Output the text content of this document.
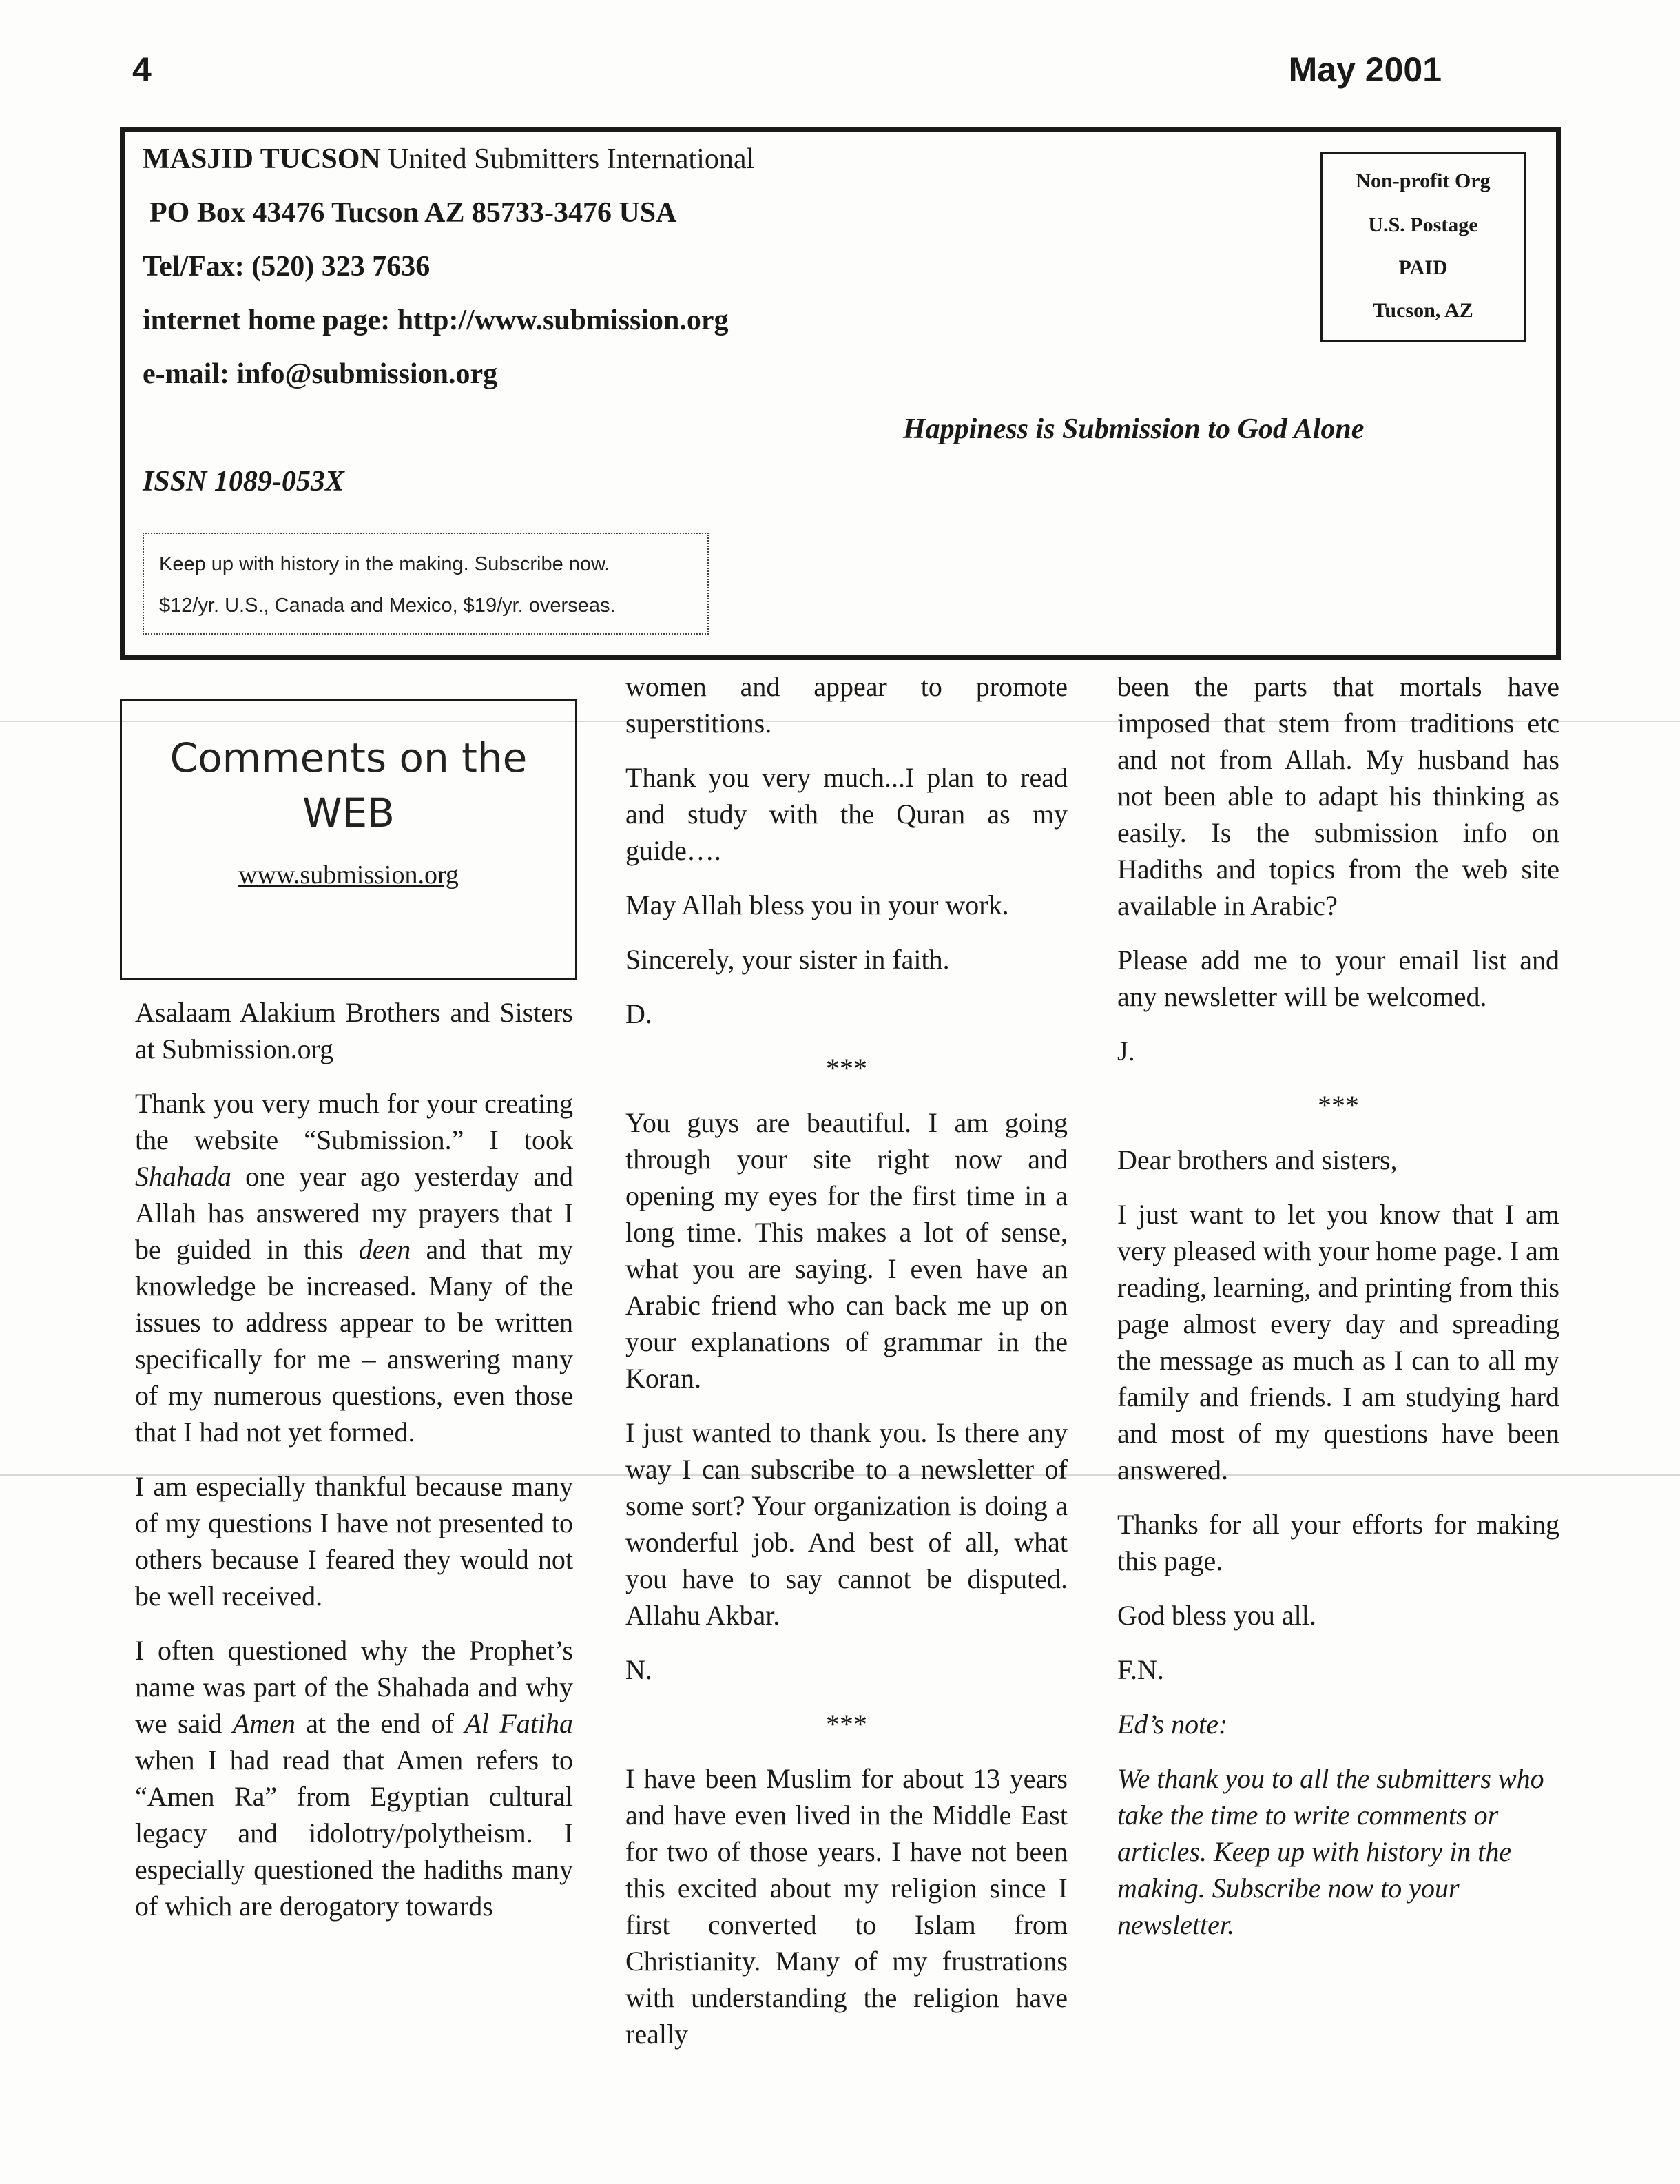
4	May 2001
MASJID TUCSON United Submitters International
PO Box 43476 Tucson AZ 85733-3476 USA
Tel/Fax: (520) 323 7636
internet home page: http://www.submission.org
e-mail: info@submission.org
Non-profit Org
U.S. Postage
PAID
Tucson, AZ
Happiness is Submission to God Alone
ISSN 1089-053X
Keep up with history in the making. Subscribe now.
$12/yr. U.S., Canada and Mexico, $19/yr. overseas.
Comments on the WEB
www.submission.org

Asalaam Alakium Brothers and Sisters at Submission.org

Thank you very much for your creating the website “Submission.” I took Shahada one year ago yesterday and Allah has answered my prayers that I be guided in this deen and that my knowledge be increased. Many of the issues to address appear to be written specifically for me – answering many of my numerous questions, even those that I had not yet formed.

I am especially thankful because many of my questions I have not presented to others because I feared they would not be well received.

I often questioned why the Prophet’s name was part of the Shahada and why we said Amen at the end of Al Fatiha when I had read that Amen refers to “Amen Ra” from Egyptian cultural legacy and idolotry/polytheism. I especially questioned the hadiths many of which are derogatory towards

women and appear to promote superstitions.

Thank you very much...I plan to read and study with the Quran as my guide….

May Allah bless you in your work.

Sincerely, your sister in faith.

D.

***

You guys are beautiful. I am going through your site right now and opening my eyes for the first time in a long time. This makes a lot of sense, what you are saying. I even have an Arabic friend who can back me up on your explanations of grammar in the Koran.

I just wanted to thank you. Is there any way I can subscribe to a newsletter of some sort? Your organization is doing a wonderful job. And best of all, what you have to say cannot be disputed. Allahu Akbar.

N.

***

I have been Muslim for about 13 years and have even lived in the Middle East for two of those years. I have not been this excited about my religion since I first converted to Islam from Christianity. Many of my frustrations with understanding the religion have really

been the parts that mortals have imposed that stem from traditions etc and not from Allah. My husband has not been able to adapt his thinking as easily. Is the submission info on Hadiths and topics from the web site available in Arabic?

Please add me to your email list and any newsletter will be welcomed.

J.

***

Dear brothers and sisters,

I just want to let you know that I am very pleased with your home page. I am reading, learning, and printing from this page almost every day and spreading the message as much as I can to all my family and friends. I am studying hard and most of my questions have been answered.

Thanks for all your efforts for making this page.

God bless you all.

F.N.

Ed’s note:

We thank you to all the submitters who take the time to write comments or articles. Keep up with history in the making. Subscribe now to your newsletter.
